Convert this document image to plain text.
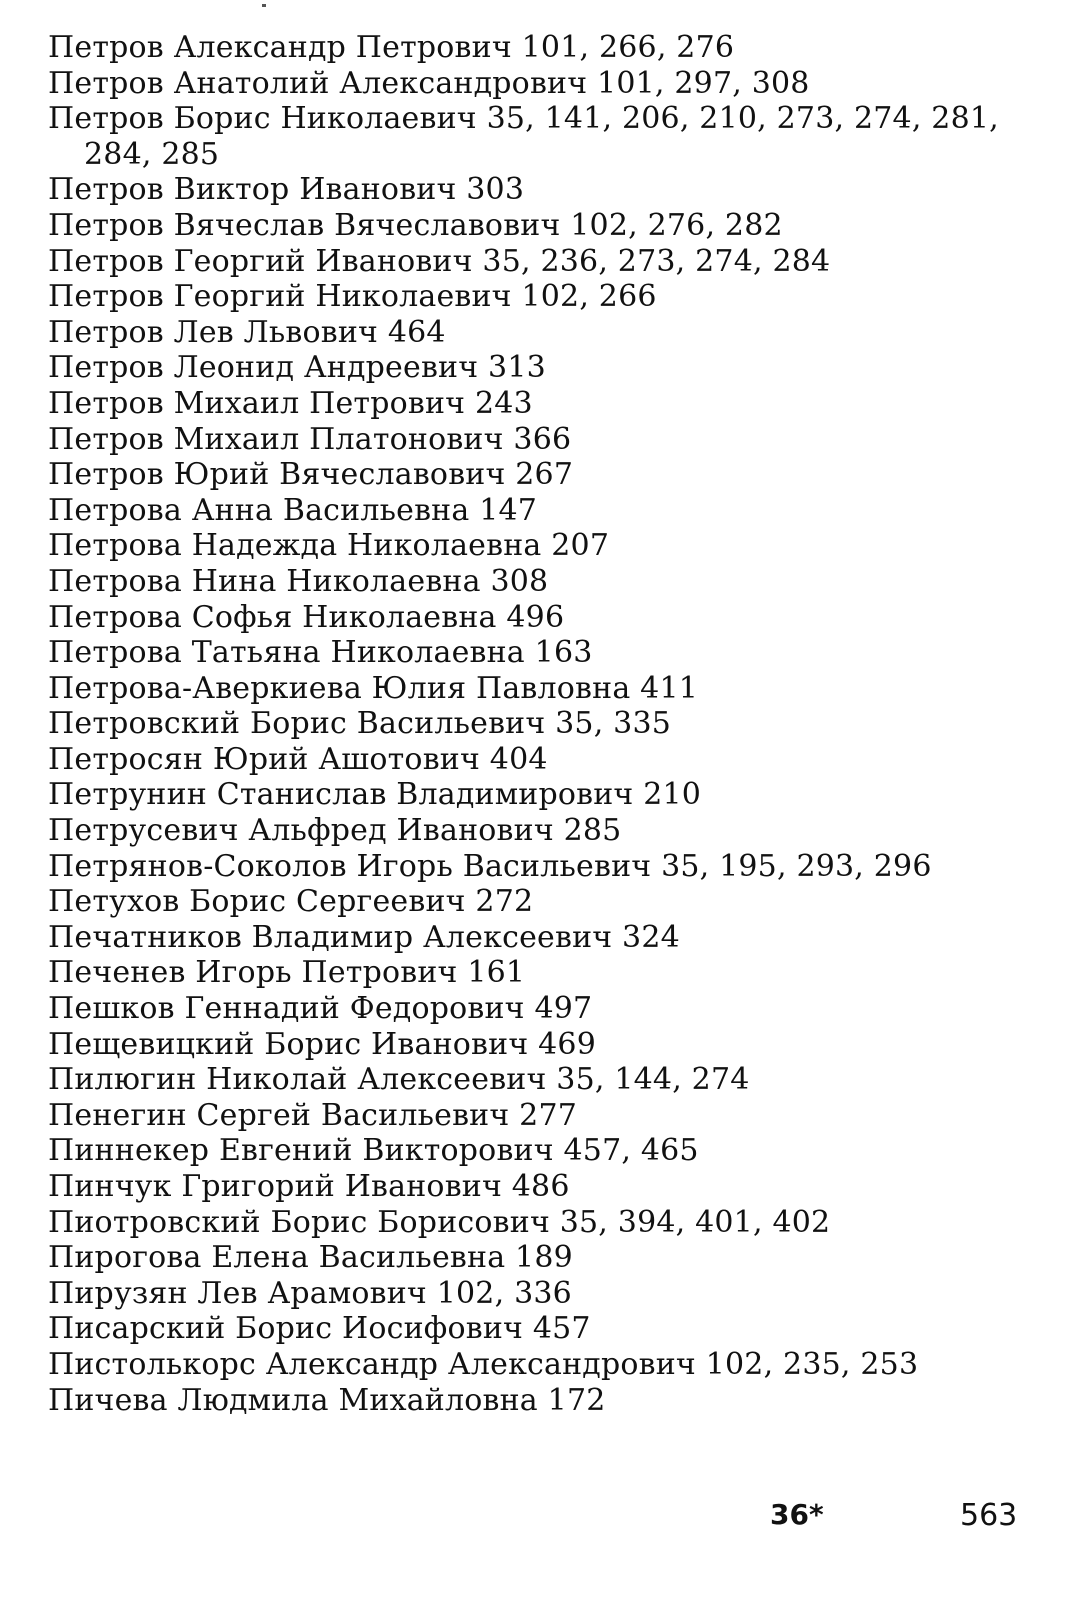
Петров Александр Петрович 101, 266, 276
Петров Анатолий Александрович 101, 297, 308
Петров Борис Николаевич 35, 141, 206, 210, 273, 274, 281, 284, 285
Петров Виктор Иванович 303
Петров Вячеслав Вячеславович 102, 276, 282
Петров Георгий Иванович 35, 236, 273, 274, 284
Петров Георгий Николаевич 102, 266
Петров Лев Львович 464
Петров Леонид Андреевич 313
Петров Михаил Петрович 243
Петров Михаил Платонович 366
Петров Юрий Вячеславович 267
Петрова Анна Васильевна 147
Петрова Надежда Николаевна 207
Петрова Нина Николаевна 308
Петрова Софья Николаевна 496
Петрова Татьяна Николаевна 163
Петрова-Аверкиева Юлия Павловна 411
Петровский Борис Васильевич 35, 335
Петросян Юрий Ашотович 404
Петрунин Станислав Владимирович 210
Петрусевич Альфред Иванович 285
Петрянов-Соколов Игорь Васильевич 35, 195, 293, 296
Петухов Борис Сергеевич 272
Печатников Владимир Алексеевич 324
Печенев Игорь Петрович 161
Пешков Геннадий Федорович 497
Пещевицкий Борис Иванович 469
Пилюгин Николай Алексеевич 35, 144, 274
Пенегин Сергей Васильевич 277
Пиннекер Евгений Викторович 457, 465
Пинчук Григорий Иванович 486
Пиотровский Борис Борисович 35, 394, 401, 402
Пирогова Елена Васильевна 189
Пирузян Лев Арамович 102, 336
Писарский Борис Иосифович 457
Пистолькорс Александр Александрович 102, 235, 253
Пичева Людмила Михайловна 172
36*	563
